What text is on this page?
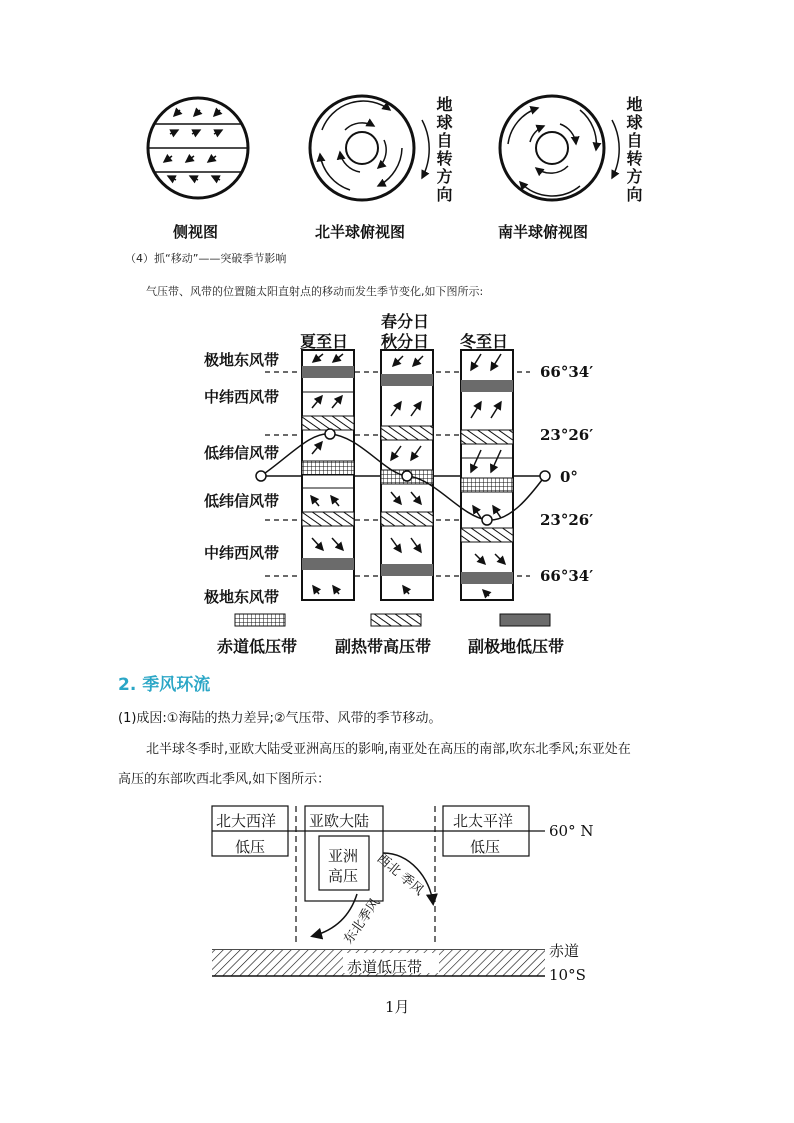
地球自转方向	地球自转方向
侧视图	北半球俯视图	南半球俯视图
（4）抓“移动”——突破季节影响
气压带、风带的位置随太阳直射点的移动而发生季节变化,如下图所示:
夏至日
春分日
秋分日 冬至日
极地东风带
中纬西风带
低纬信风带
低纬信风带
中纬西风带
极地东风带
66°34′
23°26′
0°
23°26′
66°34′
赤道低压带 副热带高压带 副极地低压带
2. 季风环流
(1)成因:①海陆的热力差异;②气压带、风带的季节移动。
北半球冬季时,亚欧大陆受亚洲高压的影响,南亚处在高压的南部,吹东北季风;东亚处在
高压的东部吹西北季风,如下图所示：
北大西洋
低压
亚欧大陆
亚洲
高压
北太平洋
低压
60° N
西北 季风
东北季风
赤道
赤道低压带	10°S
1月
